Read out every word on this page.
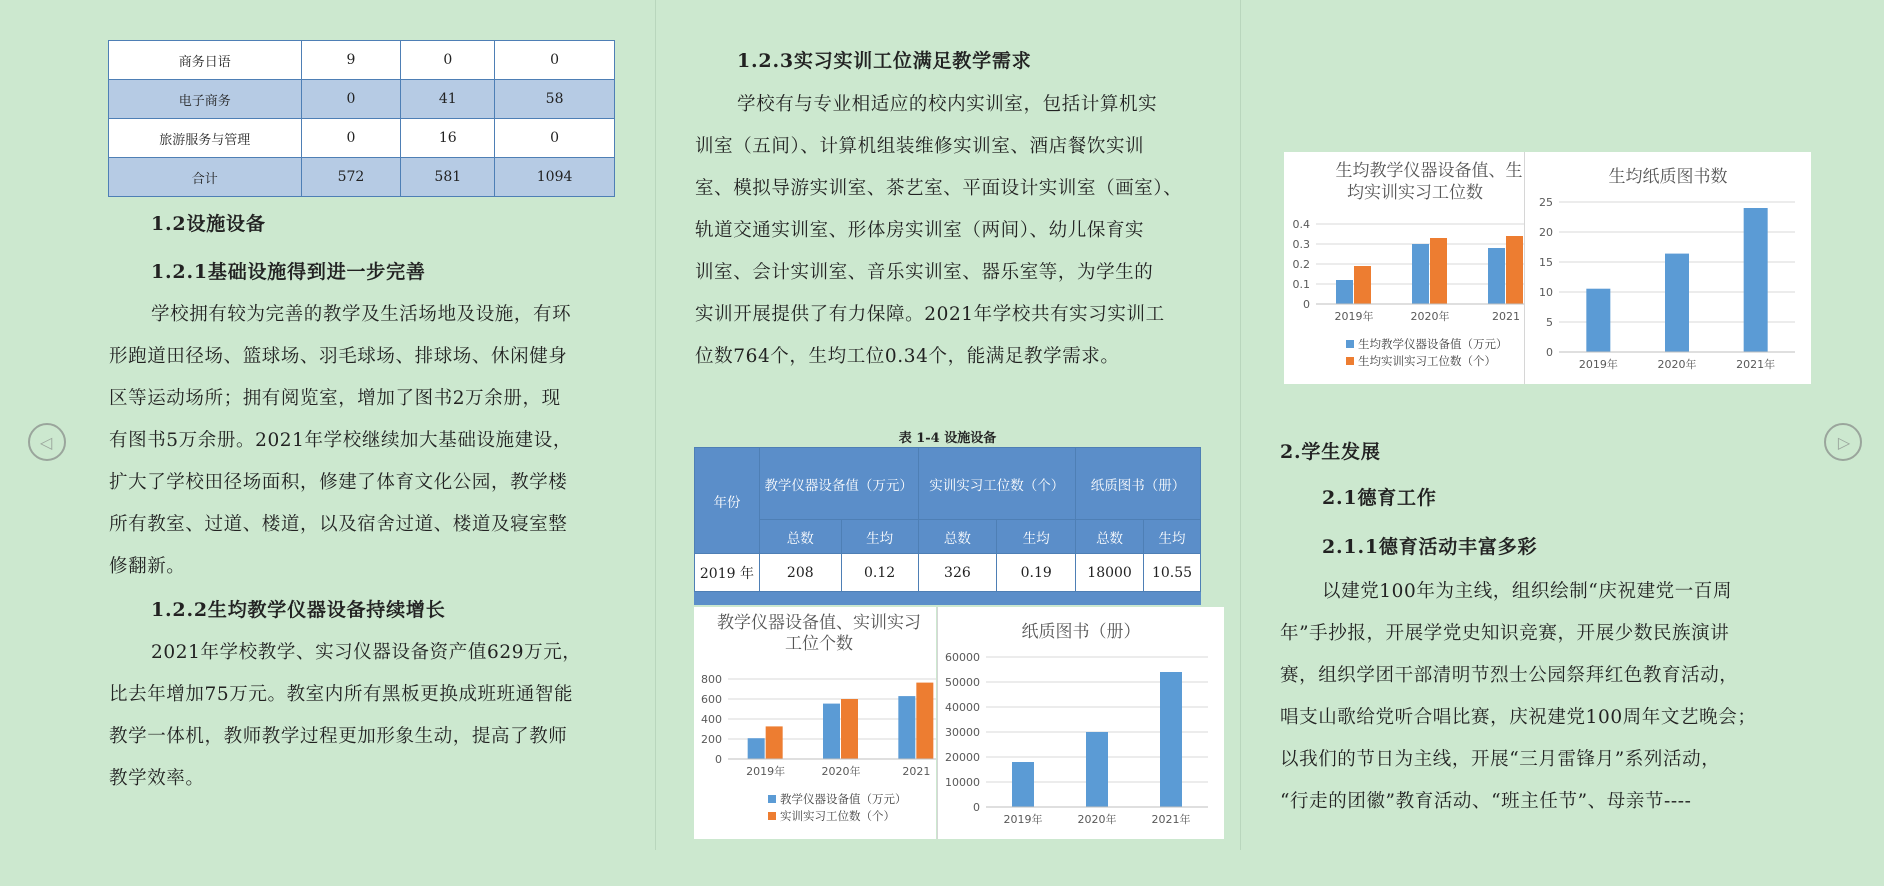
◁	▷
商务日语	9	0	0
电子商务	0	41	58
旅游服务与管理	0	16	0
合计	572	581	1094

1.2设施设备

1.2.1基础设施得到进一步完善

学校拥有较为完善的教学及生活场地及设施，有环

形跑道田径场、篮球场、羽毛球场、排球场、休闲健身

区等运动场所；拥有阅览室，增加了图书2万余册，现

有图书5万余册。2021年学校继续加大基础设施建设，

扩大了学校田径场面积，修建了体育文化公园，教学楼

所有教室、过道、楼道，以及宿舍过道、楼道及寝室整

修翻新。

1.2.2生均教学仪器设备持续增长

2021年学校教学、实习仪器设备资产值629万元，

比去年增加75万元。教室内所有黑板更换成班班通智能

教学一体机，教师教学过程更加形象生动，提高了教师

教学效率。

1.2.3实习实训工位满足教学需求

学校有与专业相适应的校内实训室，包括计算机实

训室（五间）、计算机组装维修实训室、酒店餐饮实训

室、模拟导游实训室、茶艺室、平面设计实训室（画室）、

轨道交通实训室、形体房实训室（两间）、幼儿保育实

训室、会计实训室、音乐实训室、器乐室等，为学生的

实训开展提供了有力保障。2021年学校共有实习实训工

位数764个，生均工位0.34个，能满足教学需求。

表 1-4 设施设备
年份	教学仪器设备值（万元）		实训实习工位数（个）		纸质图书（册）	
	总数	生均	总数	生均	总数	生均
2019 年	208	0.12	326	0.19	18000	10.55

教学仪器设备值、实训实习工位个数
0
200
400
600
800
2019年	2020年	2021
教学仪器设备值（万元）
实训实习工位数（个）
纸质图书（册）
0
10000
20000
30000
40000
50000
60000
2019年	2020年	2021年
生均教学仪器设备值、生
均实训实习工位数
0
0.1
0.2
0.3
0.4
2019年	2020年	2021
生均教学仪器设备值（万元）
生均实训实习工位数（个）
生均纸质图书数
0
5
10
15
20
25
2019年	2020年	2021年

2.学生发展

2.1德育工作

2.1.1德育活动丰富多彩

以建党100年为主线，组织绘制“庆祝建党一百周

年”手抄报，开展学党史知识竞赛，开展少数民族演讲

赛，组织学团干部清明节烈士公园祭拜红色教育活动，

唱支山歌给党听合唱比赛，庆祝建党100周年文艺晚会；

以我们的节日为主线，开展“三月雷锋月”系列活动，

“行走的团徽”教育活动、“班主任节”、母亲节----
